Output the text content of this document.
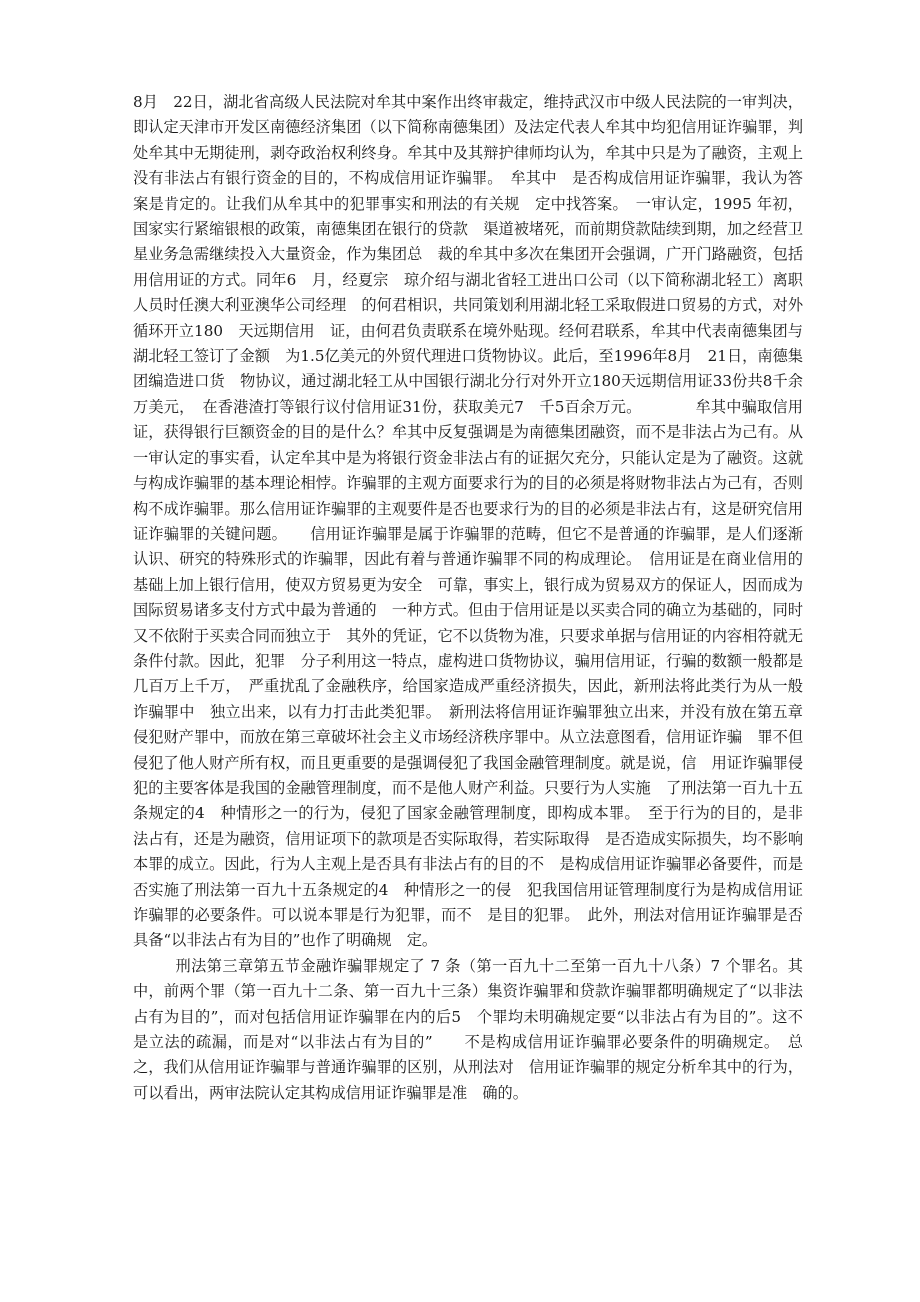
8月　22日，湖北省高级人民法院对牟其中案作出终审裁定，维持武汉市中级人民法院的一审判决，即认定天津市开发区南德经济集团（以下简称南德集团）及法定代表人牟其中均犯信用证诈骗罪，判处牟其中无期徒刑，剥夺政治权利终身。牟其中及其辩护律师均认为，牟其中只是为了融资，主观上没有非法占有银行资金的目的，不构成信用证诈骗罪。　牟其中　是否构成信用证诈骗罪，我认为答案是肯定的。让我们从牟其中的犯罪事实和刑法的有关规　定中找答案。　一审认定，1995 年初，国家实行紧缩银根的政策，南德集团在银行的贷款　渠道被堵死，而前期贷款陆续到期，加之经营卫星业务急需继续投入大量资金，作为集团总　裁的牟其中多次在集团开会强调，广开门路融资，包括用信用证的方式。同年6　月，经夏宗　琼介绍与湖北省轻工进出口公司（以下简称湖北轻工）离职人员时任澳大利亚澳华公司经理　的何君相识，共同策划利用湖北轻工采取假进口贸易的方式，对外循环开立180　天远期信用　证，由何君负责联系在境外贴现。经何君联系，牟其中代表南德集团与湖北轻工签订了金额　为1.5亿美元的外贸代理进口货物协议。此后，至1996年8月　21日，南德集团编造进口货　物协议，通过湖北轻工从中国银行湖北分行对外开立180天远期信用证33份共8千余万美元，　在香港渣打等银行议付信用证31份，获取美元7　千5百余万元。　　　　牟其中骗取信用证，获得银行巨额资金的目的是什么？牟其中反复强调是为南德集团融资，而不是非法占为己有。从一审认定的事实看，认定牟其中是为将银行资金非法占有的证据欠充分，只能认定是为了融资。这就与构成诈骗罪的基本理论相悖。诈骗罪的主观方面要求行为的目的必须是将财物非法占为己有，否则构不成诈骗罪。那么信用证诈骗罪的主观要件是否也要求行为的目的必须是非法占有，这是研究信用证诈骗罪的关键问题。　　信用证诈骗罪是属于诈骗罪的范畴，但它不是普通的诈骗罪，是人们逐渐认识、研究的特殊形式的诈骗罪，因此有着与普通诈骗罪不同的构成理论。　信用证是在商业信用的基础上加上银行信用，使双方贸易更为安全　可靠，事实上，银行成为贸易双方的保证人，因而成为国际贸易诸多支付方式中最为普通的　一种方式。但由于信用证是以买卖合同的确立为基础的，同时又不依附于买卖合同而独立于　其外的凭证，它不以货物为准，只要求单据与信用证的内容相符就无条件付款。因此，犯罪　分子利用这一特点，虚构进口货物协议，骗用信用证，行骗的数额一般都是几百万上千万，　严重扰乱了金融秩序，给国家造成严重经济损失，因此，新刑法将此类行为从一般诈骗罪中　独立出来，以有力打击此类犯罪。　新刑法将信用证诈骗罪独立出来，并没有放在第五章　侵犯财产罪中，而放在第三章破坏社会主义市场经济秩序罪中。从立法意图看，信用证诈骗　罪不但侵犯了他人财产所有权，而且更重要的是强调侵犯了我国金融管理制度。就是说，信　用证诈骗罪侵犯的主要客体是我国的金融管理制度，而不是他人财产利益。只要行为人实施　了刑法第一百九十五条规定的4　种情形之一的行为，侵犯了国家金融管理制度，即构成本罪。　至于行为的目的，是非法占有，还是为融资，信用证项下的款项是否实际取得，若实际取得　是否造成实际损失，均不影响本罪的成立。因此，行为人主观上是否具有非法占有的目的不　是构成信用证诈骗罪必备要件，而是否实施了刑法第一百九十五条规定的4　种情形之一的侵　犯我国信用证管理制度行为是构成信用证诈骗罪的必要条件。可以说本罪是行为犯罪，而不　是目的犯罪。　此外，刑法对信用证诈骗罪是否具备“以非法占有为目的”也作了明确规　定。

刑法第三章第五节金融诈骗罪规定了 7 条（第一百九十二至第一百九十八条）7 个罪名。其中，前两个罪（第一百九十二条、第一百九十三条）集资诈骗罪和贷款诈骗罪都明确规定了“以非法占有为目的”，而对包括信用证诈骗罪在内的后5　个罪均未明确规定要“以非法占有为目的”。这不是立法的疏漏，而是对“以非法占有为目的”　　不是构成信用证诈骗罪必要条件的明确规定。　总之，我们从信用证诈骗罪与普通诈骗罪的区别，从刑法对　信用证诈骗罪的规定分析牟其中的行为，可以看出，两审法院认定其构成信用证诈骗罪是准　确的。
